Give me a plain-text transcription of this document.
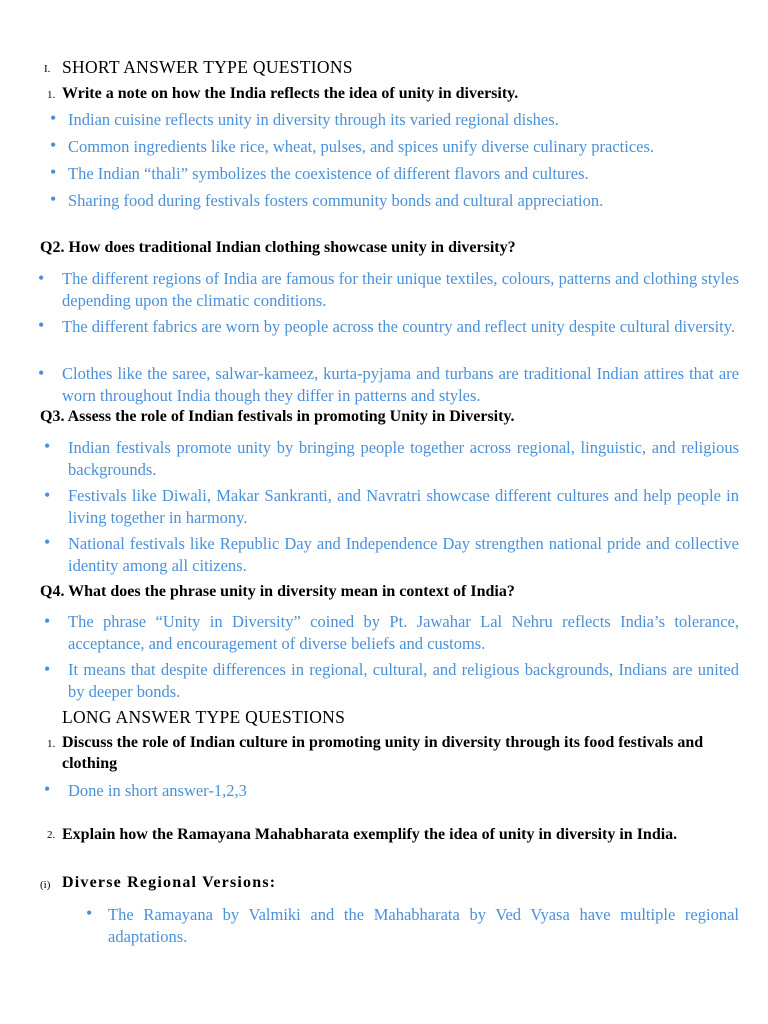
I. SHORT ANSWER TYPE QUESTIONS
1. Write a note on how the India reflects the idea of unity in diversity.
• Indian cuisine reflects unity in diversity through its varied regional dishes.
• Common ingredients like rice, wheat, pulses, and spices unify diverse culinary practices.
• The Indian “thali” symbolizes the coexistence of different flavors and cultures.
• Sharing food during festivals fosters community bonds and cultural appreciation.
Q2. How does traditional Indian clothing showcase unity in diversity?
• The different regions of India are famous for their unique textiles, colours, patterns and clothing styles depending upon the climatic conditions.
• The different fabrics are worn by people across the country and reflect unity despite cultural diversity.
• Clothes like the saree, salwar-kameez, kurta-pyjama and turbans are traditional Indian attires that are worn throughout India though they differ in patterns and styles.
Q3. Assess the role of Indian festivals in promoting Unity in Diversity.
• Indian festivals promote unity by bringing people together across regional, linguistic, and religious backgrounds.
• Festivals like Diwali, Makar Sankranti, and Navratri showcase different cultures and help people in living together in harmony.
• National festivals like Republic Day and Independence Day strengthen national pride and collective identity among all citizens.
Q4. What does the phrase unity in diversity mean in context of India?
• The phrase “Unity in Diversity” coined by Pt. Jawahar Lal Nehru reflects India’s tolerance, acceptance, and encouragement of diverse beliefs and customs.
• It means that despite differences in regional, cultural, and religious backgrounds, Indians are united by deeper bonds.
LONG ANSWER TYPE QUESTIONS
1. Discuss the role of Indian culture in promoting unity in diversity through its food festivals and clothing
• Done in short answer-1,2,3
2. Explain how the Ramayana Mahabharata exemplify the idea of unity in diversity in India.
(i) Diverse Regional Versions:
• The Ramayana by Valmiki and the Mahabharata by Ved Vyasa have multiple regional adaptations.
